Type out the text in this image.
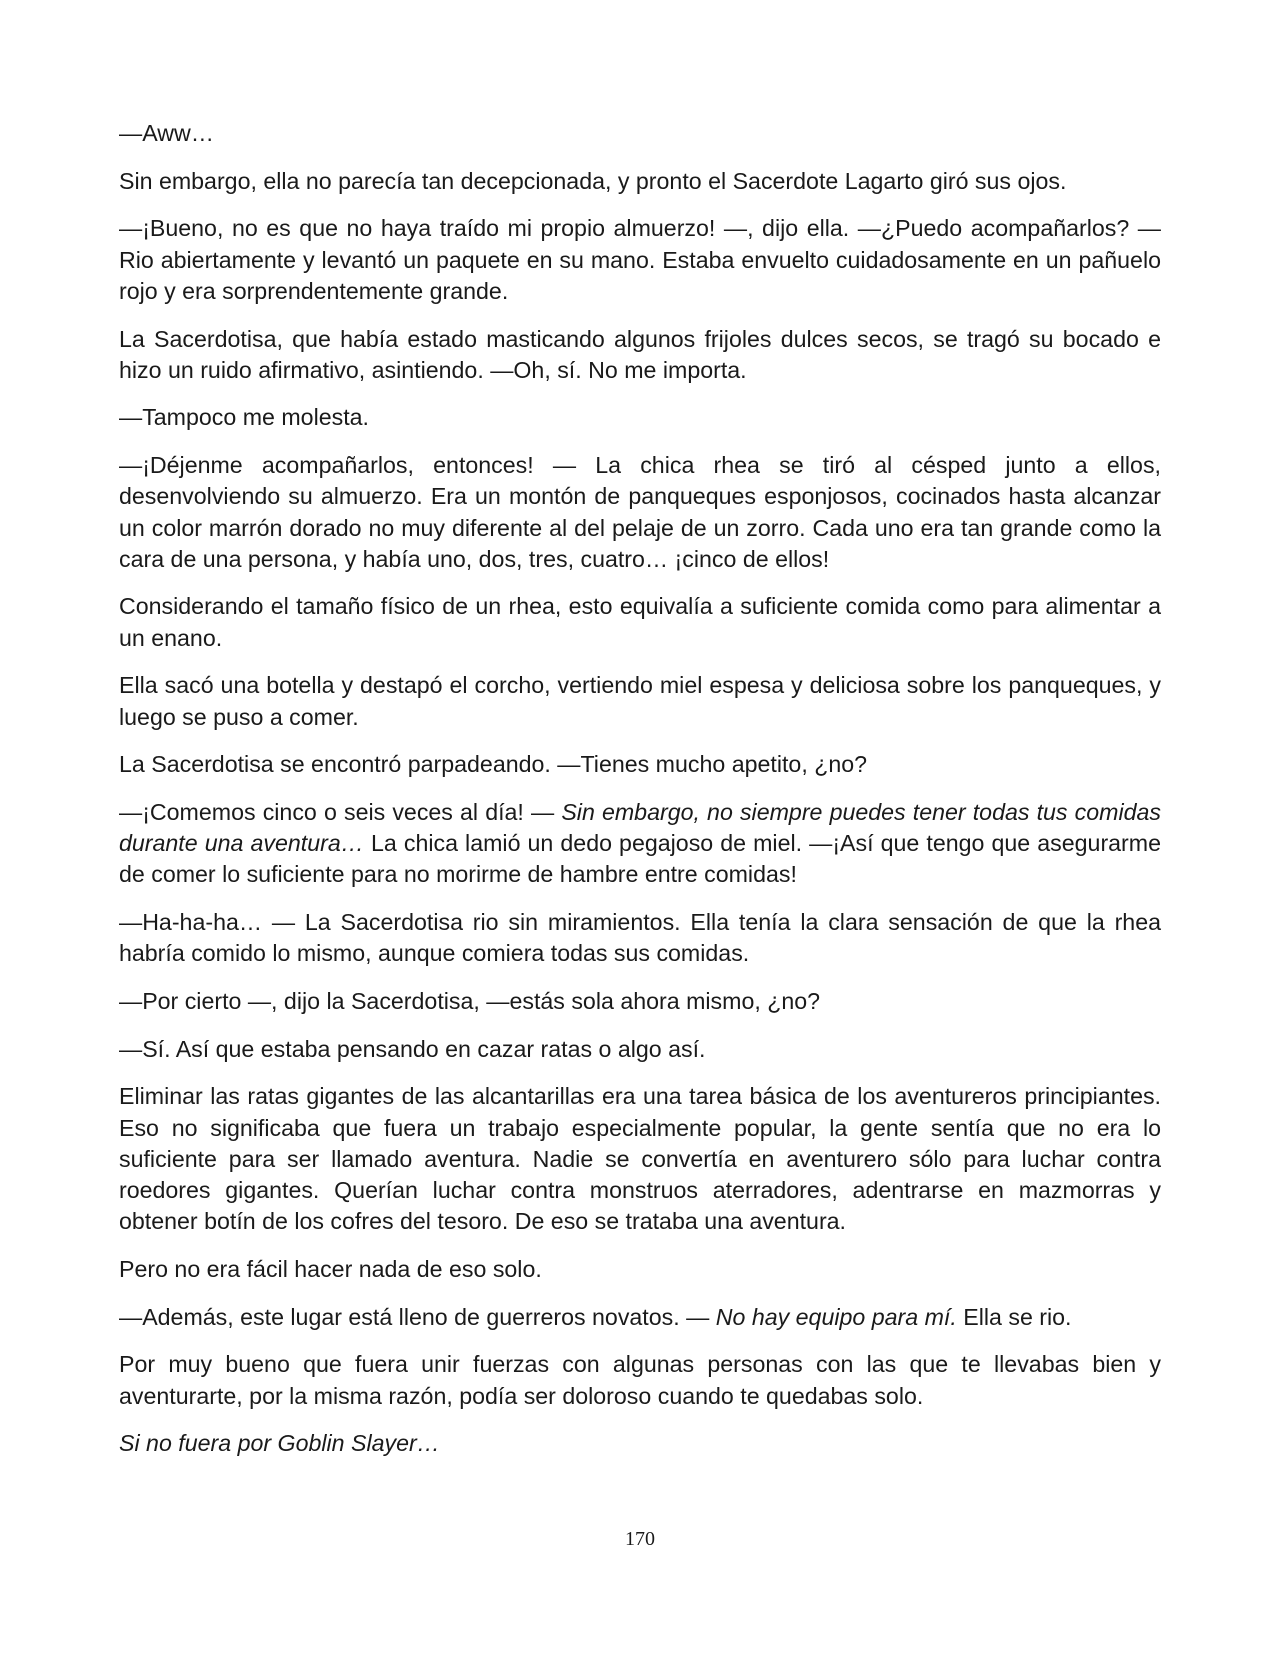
—Aww…

Sin embargo, ella no parecía tan decepcionada, y pronto el Sacerdote Lagarto giró sus ojos.

—¡Bueno, no es que no haya traído mi propio almuerzo! —, dijo ella. —¿Puedo acompañarlos? — Rio abiertamente y levantó un paquete en su mano. Estaba envuelto cuidadosamente en un pañuelo rojo y era sorprendentemente grande.

La Sacerdotisa, que había estado masticando algunos frijoles dulces secos, se tragó su bocado e hizo un ruido afirmativo, asintiendo. —Oh, sí. No me importa.

—Tampoco me molesta.

—¡Déjenme acompañarlos, entonces! — La chica rhea se tiró al césped junto a ellos, desenvolviendo su almuerzo. Era un montón de panqueques esponjosos, cocinados hasta alcanzar un color marrón dorado no muy diferente al del pelaje de un zorro. Cada uno era tan grande como la cara de una persona, y había uno, dos, tres, cuatro… ¡cinco de ellos!

Considerando el tamaño físico de un rhea, esto equivalía a suficiente comida como para alimentar a un enano.

Ella sacó una botella y destapó el corcho, vertiendo miel espesa y deliciosa sobre los panqueques, y luego se puso a comer.

La Sacerdotisa se encontró parpadeando. —Tienes mucho apetito, ¿no?

—¡Comemos cinco o seis veces al día! — Sin embargo, no siempre puedes tener todas tus comidas durante una aventura… La chica lamió un dedo pegajoso de miel. —¡Así que tengo que asegurarme de comer lo suficiente para no morirme de hambre entre comidas!

—Ha-ha-ha… — La Sacerdotisa rio sin miramientos. Ella tenía la clara sensación de que la rhea habría comido lo mismo, aunque comiera todas sus comidas.

—Por cierto —, dijo la Sacerdotisa, —estás sola ahora mismo, ¿no?

—Sí. Así que estaba pensando en cazar ratas o algo así.

Eliminar las ratas gigantes de las alcantarillas era una tarea básica de los aventureros principiantes. Eso no significaba que fuera un trabajo especialmente popular, la gente sentía que no era lo suficiente para ser llamado aventura. Nadie se convertía en aventurero sólo para luchar contra roedores gigantes. Querían luchar contra monstruos aterradores, adentrarse en mazmorras y obtener botín de los cofres del tesoro. De eso se trataba una aventura.

Pero no era fácil hacer nada de eso solo.

—Además, este lugar está lleno de guerreros novatos. — No hay equipo para mí. Ella se rio.

Por muy bueno que fuera unir fuerzas con algunas personas con las que te llevabas bien y aventurarte, por la misma razón, podía ser doloroso cuando te quedabas solo.

Si no fuera por Goblin Slayer…

170
